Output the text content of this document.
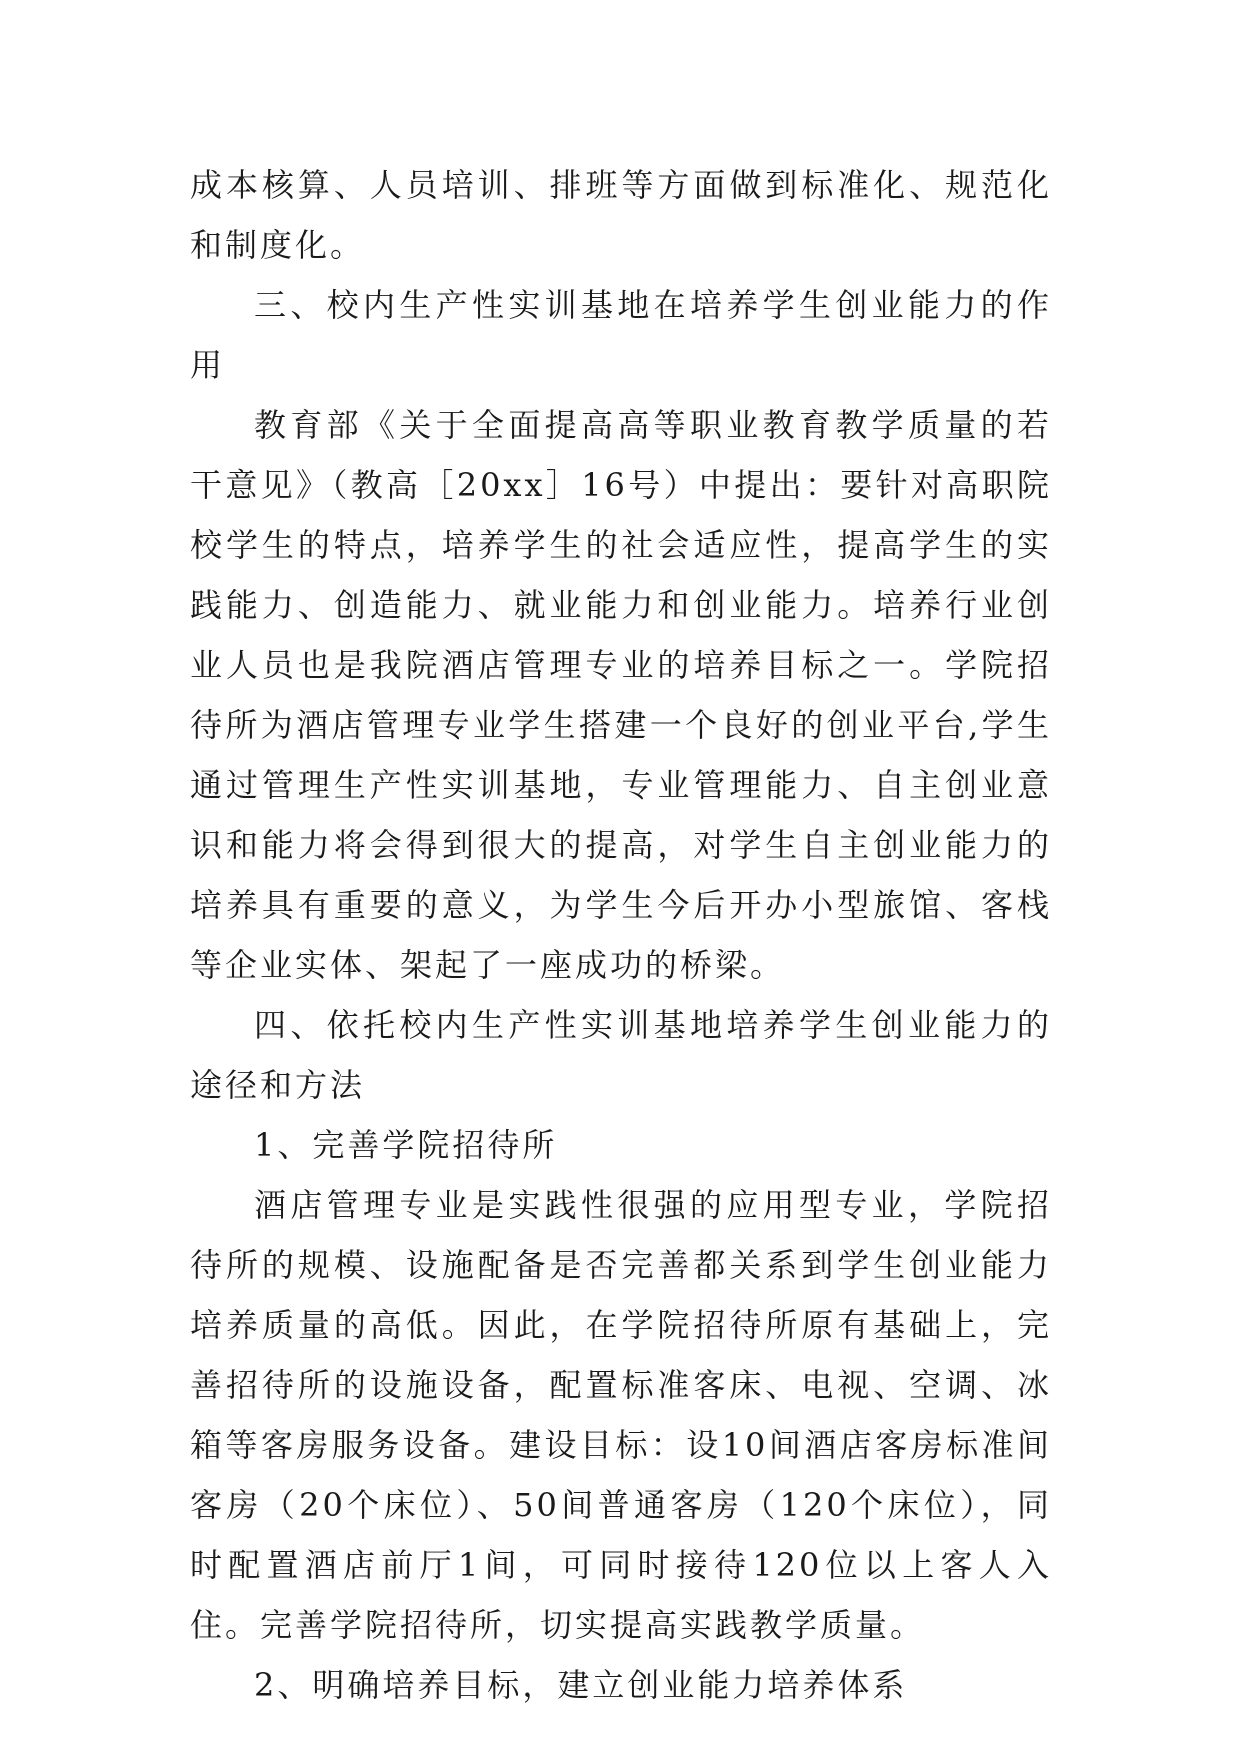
成本核算、人员培训、排班等方面做到标准化、规范化和制度化。

三、校内生产性实训基地在培养学生创业能力的作用

教育部《关于全面提高高等职业教育教学质量的若干意见》（教高［20xx］16号）中提出：要针对高职院校学生的特点，培养学生的社会适应性，提高学生的实践能力、创造能力、就业能力和创业能力。培养行业创业人员也是我院酒店管理专业的培养目标之一。学院招待所为酒店管理专业学生搭建一个良好的创业平台,学生通过管理生产性实训基地，专业管理能力、自主创业意识和能力将会得到很大的提高，对学生自主创业能力的培养具有重要的意义，为学生今后开办小型旅馆、客栈等企业实体、架起了一座成功的桥梁。

四、依托校内生产性实训基地培养学生创业能力的途径和方法

1、完善学院招待所

酒店管理专业是实践性很强的应用型专业，学院招待所的规模、设施配备是否完善都关系到学生创业能力培养质量的高低。因此，在学院招待所原有基础上，完善招待所的设施设备，配置标准客床、电视、空调、冰箱等客房服务设备。建设目标：设10间酒店客房标准间客房（20个床位）、50间普通客房（120个床位），同时配置酒店前厅1间，可同时接待120位以上客人入住。完善学院招待所，切实提高实践教学质量。

2、明确培养目标，建立创业能力培养体系
